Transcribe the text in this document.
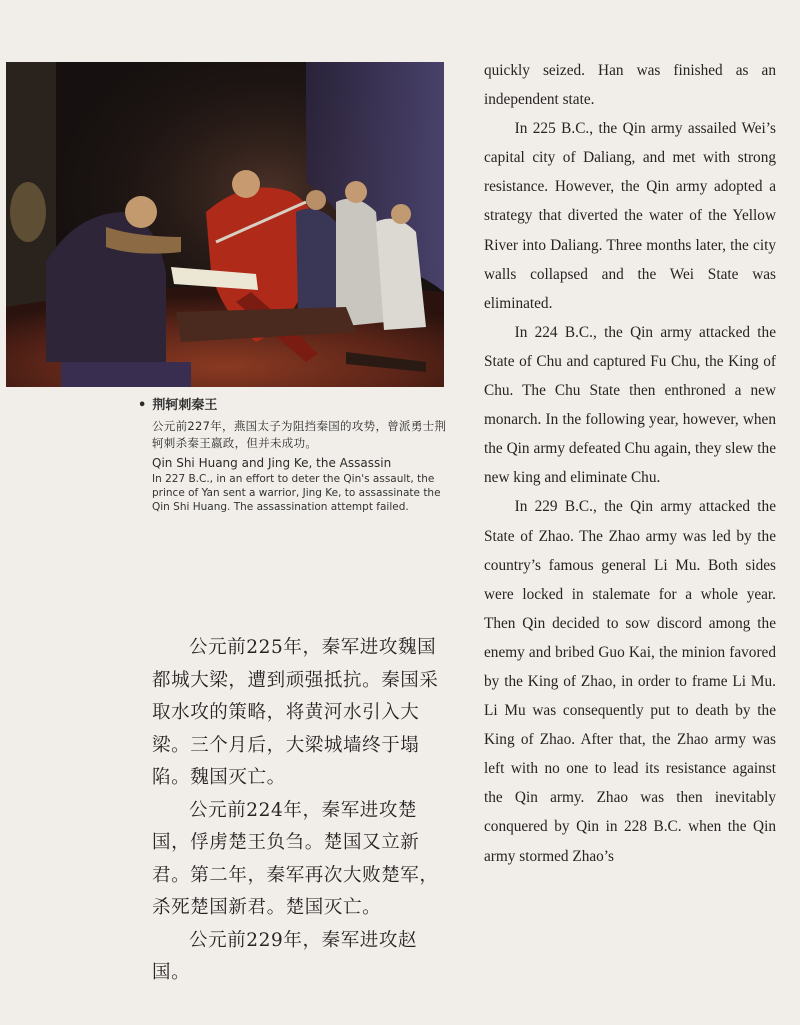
• 荆轲刺秦王
公元前227年，燕国太子为阻挡秦国的攻势，曾派勇士荆轲刺杀秦王嬴政，但并未成功。
Qin Shi Huang and Jing Ke, the Assassin
In 227 B.C., in an effort to deter the Qin's assault, the prince of Yan sent a warrior, Jing Ke, to assassinate the Qin Shi Huang. The assassination attempt failed.

公元前225年，秦军进攻魏国都城大梁，遭到顽强抵抗。秦国采取水攻的策略，将黄河水引入大梁。三个月后，大梁城墙终于塌陷。魏国灭亡。

公元前224年，秦军进攻楚国，俘虏楚王负刍。楚国又立新君。第二年，秦军再次大败楚军，杀死楚国新君。楚国灭亡。

公元前229年，秦军进攻赵国。

quickly seized. Han was finished as an independent state.

In 225 B.C., the Qin army assailed Wei’s capital city of Daliang, and met with strong resistance. However, the Qin army adopted a strategy that diverted the water of the Yellow River into Daliang. Three months later, the city walls collapsed and the Wei State was eliminated.

In 224 B.C., the Qin army attacked the State of Chu and captured Fu Chu, the King of Chu. The Chu State then enthroned a new monarch. In the following year, however, when the Qin army defeated Chu again, they slew the new king and eliminate Chu.

In 229 B.C., the Qin army attacked the State of Zhao. The Zhao army was led by the country’s famous general Li Mu. Both sides were locked in stalemate for a whole year. Then Qin decided to sow discord among the enemy and bribed Guo Kai, the minion favored by the King of Zhao, in order to frame Li Mu. Li Mu was consequently put to death by the King of Zhao. After that, the Zhao army was left with no one to lead its resistance against the Qin army. Zhao was then inevitably conquered by Qin in 228 B.C. when the Qin army stormed Zhao’s
